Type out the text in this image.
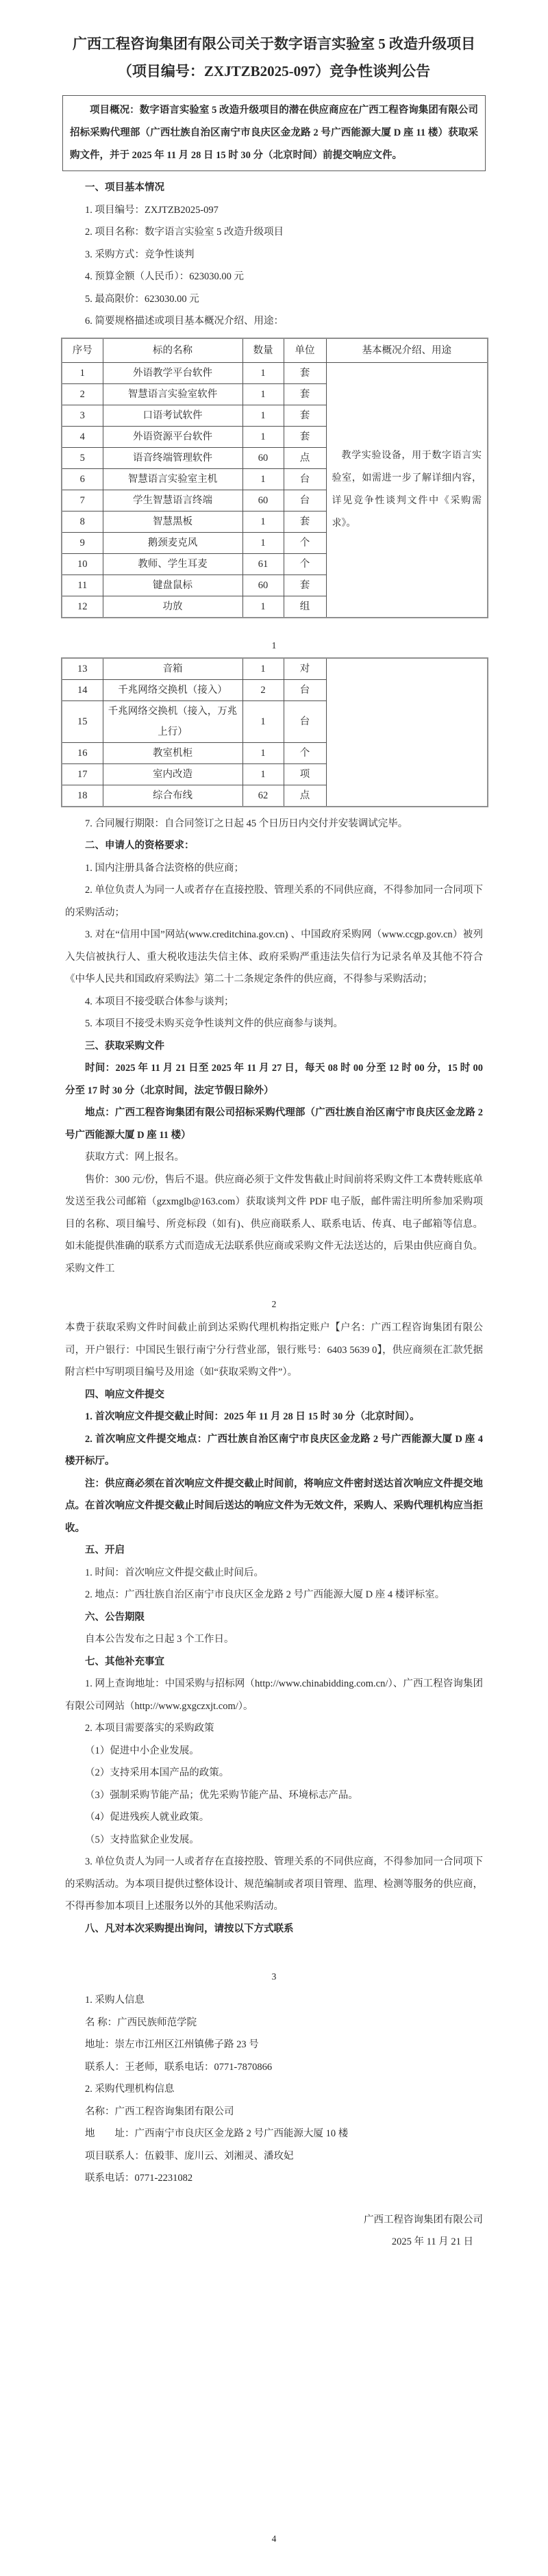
广西工程咨询集团有限公司关于数字语言实验室 5 改造升级项目

（项目编号：ZXJTZB2025-097）竞争性谈判公告

项目概况：数字语言实验室 5 改造升级项目的潜在供应商应在广西工程咨询集团有限公司招标采购代理部（广西壮族自治区南宁市良庆区金龙路 2 号广西能源大厦 D 座 11 楼）获取采购文件，并于 2025 年 11 月 28 日 15 时 30 分（北京时间）前提交响应文件。

一、项目基本情况

1. 项目编号：ZXJTZB2025-097

2. 项目名称：数字语言实验室 5 改造升级项目

3. 采购方式：竞争性谈判

4. 预算金额（人民币）：623030.00 元

5. 最高限价：623030.00 元

6. 简要规格描述或项目基本概况介绍、用途：

序号	标的名称	数量	单位	基本概况介绍、用途
1	外语教学平台软件	1	套	教学实验设备，用于数字语言实验室，如需进一步了解详细内容，详见竞争性谈判文件中《采购需求》。
2	智慧语言实验室软件	1	套	
3	口语考试软件	1	套	
4	外语资源平台软件	1	套	
5	语音终端管理软件	60	点	
6	智慧语言实验室主机	1	台	
7	学生智慧语言终端	60	台	
8	智慧黑板	1	套	
9	鹅颈麦克风	1	个	
10	教师、学生耳麦	61	个	
11	键盘鼠标	60	套	
12	功放	1	组	
1
13	音箱	1	对	
14	千兆网络交换机（接入）	2	台	
15	千兆网络交换机（接入，万兆上行）	1	台	
16	教室机柜	1	个	
17	室内改造	1	项	
18	综合布线	62	点	

7. 合同履行期限：自合同签订之日起 45 个日历日内交付并安装调试完毕。

二、申请人的资格要求：

1. 国内注册具备合法资格的供应商；

2. 单位负责人为同一人或者存在直接控股、管理关系的不同供应商，不得参加同一合同项下的采购活动；

3. 对在“信用中国”网站(www.creditchina.gov.cn) 、中国政府采购网（www.ccgp.gov.cn）被列入失信被执行人、重大税收违法失信主体、政府采购严重违法失信行为记录名单及其他不符合《中华人民共和国政府采购法》第二十二条规定条件的供应商，不得参与采购活动；

4. 本项目不接受联合体参与谈判；

5. 本项目不接受未购买竞争性谈判文件的供应商参与谈判。

三、获取采购文件

时间：2025 年 11 月 21 日至 2025 年 11 月 27 日，每天 08 时 00 分至 12 时 00 分，15 时 00 分至 17 时 30 分（北京时间，法定节假日除外）

地点：广西工程咨询集团有限公司招标采购代理部（广西壮族自治区南宁市良庆区金龙路 2 号广西能源大厦 D 座 11 楼）

获取方式：网上报名。

售价：300 元/份，售后不退。供应商必须于文件发售截止时间前将采购文件工本费转账底单发送至我公司邮箱（gzxmglb@163.com）获取谈判文件 PDF 电子版，邮件需注明所参加采购项目的名称、项目编号、所竞标段（如有)、供应商联系人、联系电话、传真、电子邮箱等信息。如未能提供准确的联系方式而造成无法联系供应商或采购文件无法送达的，后果由供应商自负。采购文件工

2

本费于获取采购文件时间截止前到达采购代理机构指定账户【户名：广西工程咨询集团有限公司，开户银行：中国民生银行南宁分行营业部，银行账号：6403 5639 0】，供应商须在汇款凭据附言栏中写明项目编号及用途（如“获取采购文件”）。

四、响应文件提交

1. 首次响应文件提交截止时间：2025 年 11 月 28 日 15 时 30 分（北京时间）。

2. 首次响应文件提交地点：广西壮族自治区南宁市良庆区金龙路 2 号广西能源大厦 D 座 4 楼开标厅。

注：供应商必须在首次响应文件提交截止时间前，将响应文件密封送达首次响应文件提交地点。在首次响应文件提交截止时间后送达的响应文件为无效文件，采购人、采购代理机构应当拒收。

五、开启

1. 时间：首次响应文件提交截止时间后。

2. 地点：广西壮族自治区南宁市良庆区金龙路 2 号广西能源大厦 D 座 4 楼评标室。

六、公告期限

自本公告发布之日起 3 个工作日。

七、其他补充事宜

1. 网上查询地址：中国采购与招标网（http://www.chinabidding.com.cn/）、广西工程咨询集团有限公司网站（http://www.gxgczxjt.com/）。

2. 本项目需要落实的采购政策

（1）促进中小企业发展。

（2）支持采用本国产品的政策。

（3）强制采购节能产品；优先采购节能产品、环境标志产品。

（4）促进残疾人就业政策。

（5）支持监狱企业发展。

3. 单位负责人为同一人或者存在直接控股、管理关系的不同供应商，不得参加同一合同项下的采购活动。为本项目提供过整体设计、规范编制或者项目管理、监理、检测等服务的供应商，不得再参加本项目上述服务以外的其他采购活动。

八、凡对本次采购提出询问，请按以下方式联系

3

1. 采购人信息

名 称：广西民族师范学院

地址：崇左市江州区江州镇佛子路 23 号

联系人：王老师，联系电话：0771-7870866

2. 采购代理机构信息

名称：广西工程咨询集团有限公司

地　　址：广西南宁市良庆区金龙路 2 号广西能源大厦 10 楼

项目联系人：伍毅菲、庞川云、刘湘灵、潘玫妃

联系电话：0771-2231082

广西工程咨询集团有限公司

2025 年 11 月 21 日

4
